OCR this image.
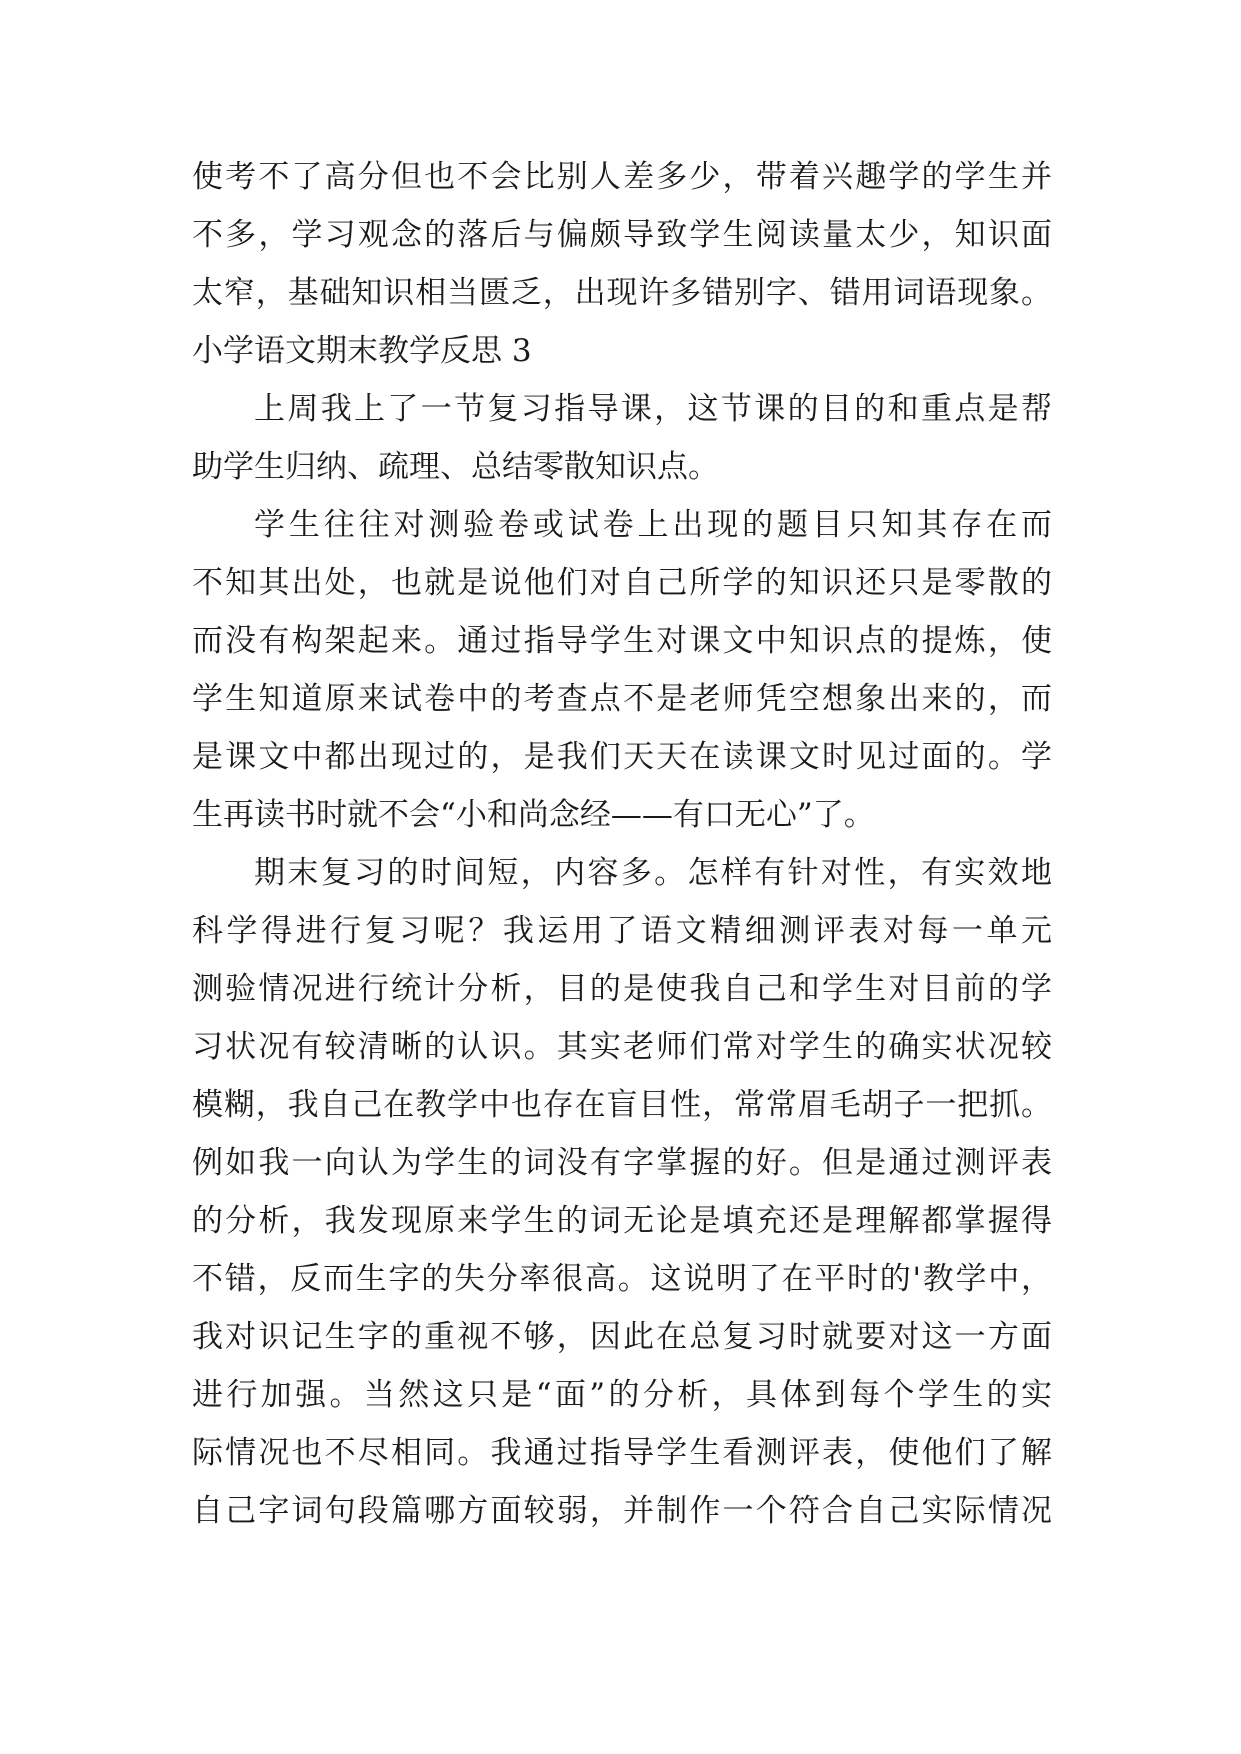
使考不了高分但也不会比别人差多少，带着兴趣学的学生并
不多，学习观念的落后与偏颇导致学生阅读量太少，知识面
太窄，基础知识相当匮乏，出现许多错别字、错用词语现象。
小学语文期末教学反思 3
上周我上了一节复习指导课，这节课的目的和重点是帮
助学生归纳、疏理、总结零散知识点。
学生往往对测验卷或试卷上出现的题目只知其存在而
不知其出处，也就是说他们对自己所学的知识还只是零散的
而没有构架起来。通过指导学生对课文中知识点的提炼，使
学生知道原来试卷中的考查点不是老师凭空想象出来的，而
是课文中都出现过的，是我们天天在读课文时见过面的。学
生再读书时就不会“小和尚念经——有口无心”了。
期末复习的时间短，内容多。怎样有针对性，有实效地
科学得进行复习呢？我运用了语文精细测评表对每一单元
测验情况进行统计分析，目的是使我自己和学生对目前的学
习状况有较清晰的认识。其实老师们常对学生的确实状况较
模糊，我自己在教学中也存在盲目性，常常眉毛胡子一把抓。
例如我一向认为学生的词没有字掌握的好。但是通过测评表
的分析，我发现原来学生的词无论是填充还是理解都掌握得
不错，反而生字的失分率很高。这说明了在平时的'教学中，
我对识记生字的重视不够，因此在总复习时就要对这一方面
进行加强。当然这只是“面”的分析，具体到每个学生的实
际情况也不尽相同。我通过指导学生看测评表，使他们了解
自己字词句段篇哪方面较弱，并制作一个符合自己实际情况
